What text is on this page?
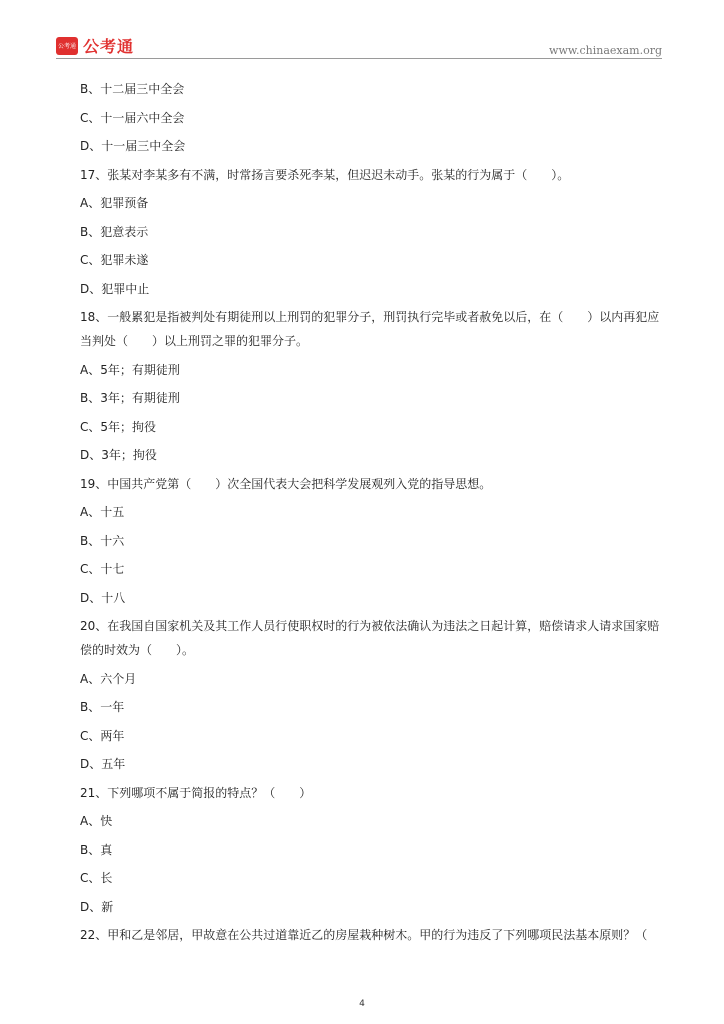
公考通 公考通	www.chinaexam.org

B、十二届三中全会

C、十一届六中全会

D、十一届三中全会

17、张某对李某多有不满，时常扬言要杀死李某，但迟迟未动手。张某的行为属于（　　）。

A、犯罪预备

B、犯意表示

C、犯罪未遂

D、犯罪中止

18、一般累犯是指被判处有期徒刑以上刑罚的犯罪分子，刑罚执行完毕或者赦免以后，在（　　）以内再犯应

当判处（　　）以上刑罚之罪的犯罪分子。

A、5年；有期徒刑

B、3年；有期徒刑

C、5年；拘役

D、3年；拘役

19、中国共产党第（　　）次全国代表大会把科学发展观列入党的指导思想。

A、十五

B、十六

C、十七

D、十八

20、在我国自国家机关及其工作人员行使职权时的行为被依法确认为违法之日起计算，赔偿请求人请求国家赔

偿的时效为（　　）。

A、六个月

B、一年

C、两年

D、五年

21、下列哪项不属于简报的特点？（　　）

A、快

B、真

C、长

D、新

22、甲和乙是邻居，甲故意在公共过道靠近乙的房屋栽种树木。甲的行为违反了下列哪项民法基本原则？（

4
